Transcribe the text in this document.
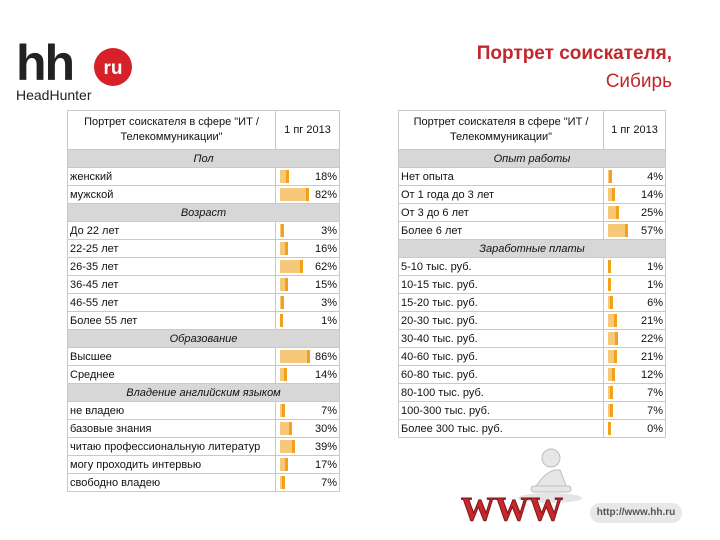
hh ru
HeadHunter
Портрет соискателя,
Сибирь
Портрет соискателя в сфере "ИТ / Телекоммуникации"	1 пг 2013
Пол	
женский	18%
мужской	82%
Возраст	
До 22 лет	3%
22-25 лет	16%
26-35 лет	62%
36-45 лет	15%
46-55 лет	3%
Более 55 лет	1%
Образование	
Высшее	86%
Среднее	14%
Владение английским языком	
не владею	7%
базовые знания	30%
читаю профессиональную литератур	39%
могу проходить интервью	17%
свободно владею	7%
Портрет соискателя в сфере "ИТ / Телекоммуникации"	1 пг 2013
Опыт работы	
Нет опыта	4%
От 1 года до 3 лет	14%
От 3 до 6 лет	25%
Более 6 лет	57%
Заработные платы	
5-10 тыс. руб.	1%
10-15 тыс. руб.	1%
15-20 тыс. руб.	6%
20-30 тыс. руб.	21%
30-40 тыс. руб.	22%
40-60 тыс. руб.	21%
60-80 тыс. руб.	12%
80-100 тыс. руб.	7%
100-300 тыс. руб.	7%
Более 300 тыс. руб.	0%
WWW	http://www.hh.ru
